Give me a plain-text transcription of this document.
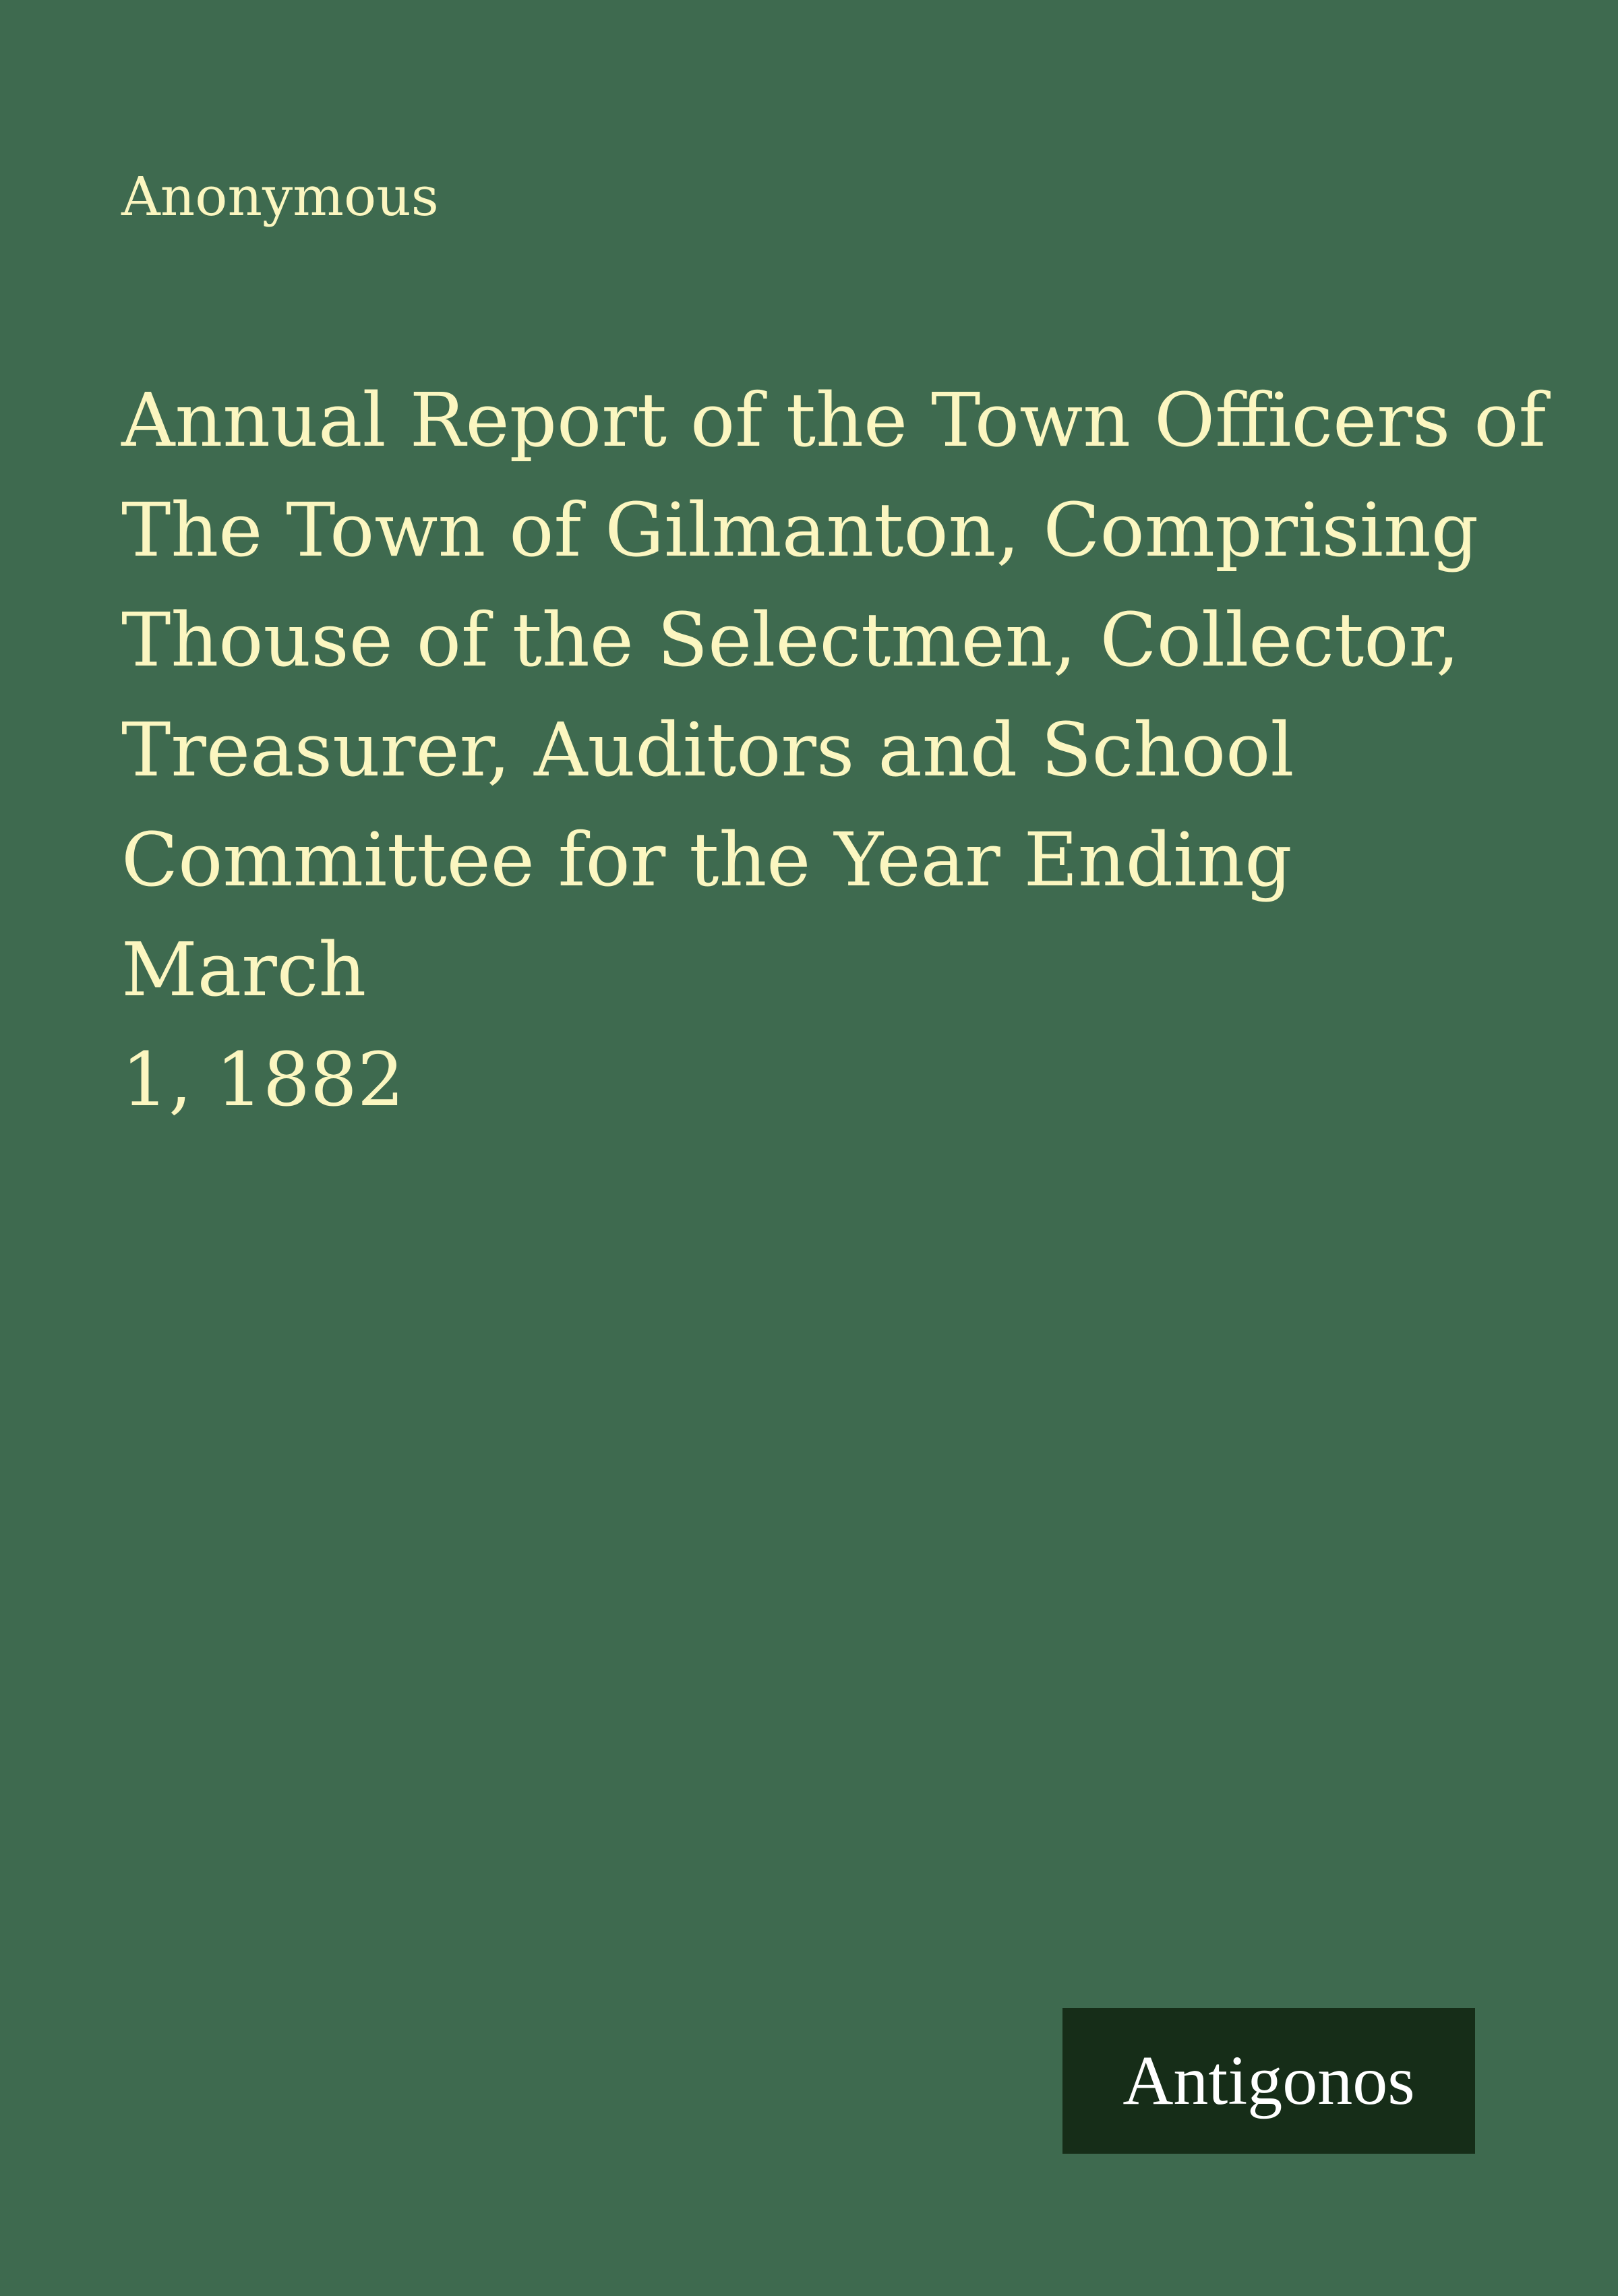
Anonymous

Annual Report of the Town Officers of
The Town of Gilmanton, Comprising
Thouse of the Selectmen, Collector,
Treasurer, Auditors and School
Committee for the Year Ending March
1, 1882
Antigonos
